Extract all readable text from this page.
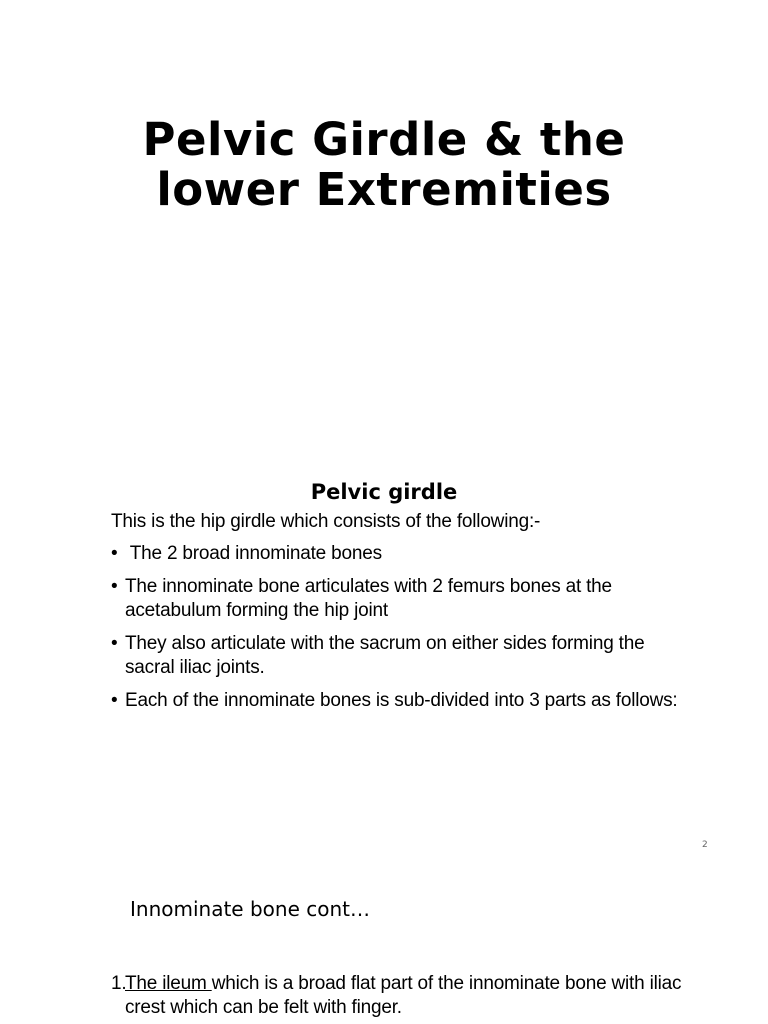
Pelvic Girdle & the
lower Extremities
Pelvic girdle

This is the hip girdle which consists of the following:-

• The 2 broad innominate bones
• The innominate bone articulates with 2 femurs bones at the acetabulum forming the hip joint
• They also articulate with the sacrum on either sides forming the sacral iliac joints.
• Each of the innominate bones is sub-divided into 3 parts as follows:
2
Innominate bone cont…

1.
The ileum which is a broad flat part of the innominate bone with iliac crest which can be felt with finger.
